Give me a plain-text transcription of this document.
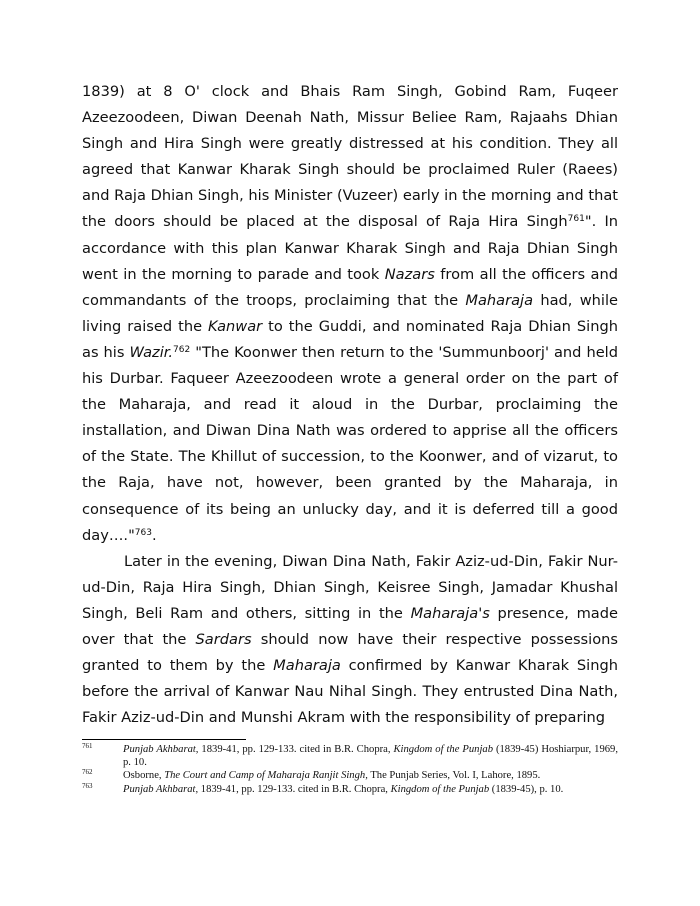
1839) at 8 O' clock and Bhais Ram Singh, Gobind Ram, Fuqeer Azeezoodeen, Diwan Deenah Nath, Missur Beliee Ram, Rajaahs Dhian Singh and Hira Singh were greatly distressed at his condition. They all agreed that Kanwar Kharak Singh should be proclaimed Ruler (Raees) and Raja Dhian Singh, his Minister (Vuzeer) early in the morning and that the doors should be placed at the disposal of Raja Hira Singh$^{761}$". In accordance with this plan Kanwar Kharak Singh and Raja Dhian Singh went in the morning to parade and took Nazars from all the officers and commandants of the troops, proclaiming that the Maharaja had, while living raised the Kanwar to the Guddi, and nominated Raja Dhian Singh as his Wazir.$^{762}$ "The Koonwer then return to the 'Summunboorj' and held his Durbar. Faqueer Azeezoodeen wrote a general order on the part of the Maharaja, and read it aloud in the Durbar, proclaiming the installation, and Diwan Dina Nath was ordered to apprise all the officers of the State. The Khillut of succession, to the Koonwer, and of vizarut, to the Raja, have not, however, been granted by the Maharaja, in consequence of its being an unlucky day, and it is deferred till a good day…."$^{763}$.

Later in the evening, Diwan Dina Nath, Fakir Aziz-ud-Din, Fakir Nur-ud-Din, Raja Hira Singh, Dhian Singh, Keisree Singh, Jamadar Khushal Singh, Beli Ram and others, sitting in the Maharaja's presence, made over that the Sardars should now have their respective possessions granted to them by the Maharaja confirmed by Kanwar Kharak Singh before the arrival of Kanwar Nau Nihal Singh. They entrusted Dina Nath, Fakir Aziz-ud-Din and Munshi Akram with the responsibility of preparing

761	Punjab Akhbarat, 1839-41, pp. 129-133. cited in B.R. Chopra, Kingdom of the Punjab (1839-45) Hoshiarpur, 1969, p. 10.
762	Osborne, The Court and Camp of Maharaja Ranjit Singh, The Punjab Series, Vol. I, Lahore, 1895.
763	Punjab Akhbarat, 1839-41, pp. 129-133. cited in B.R. Chopra, Kingdom of the Punjab (1839-45), p. 10.
